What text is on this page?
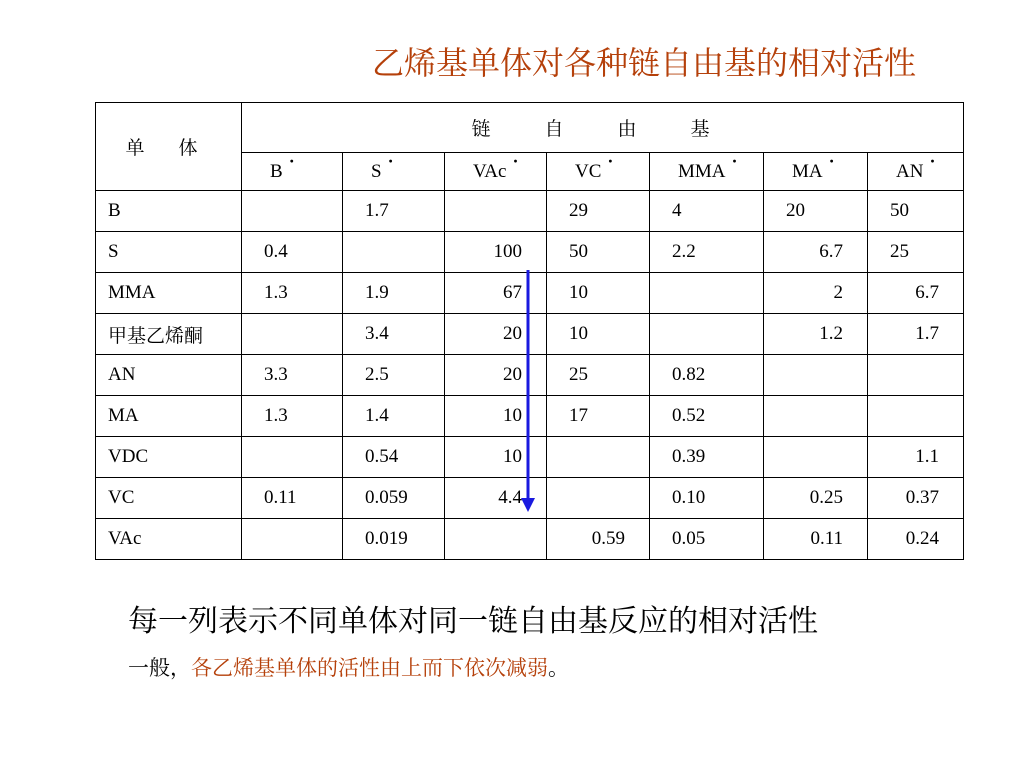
乙烯基单体对各种链自由基的相对活性
单 体	链 自 由 基						
	B ·	S ·	VAc ·	VC ·	MMA ·	MA ·	AN ·
B		1.7		29	4	20	50
S	0.4		100	50	2.2	6.7	25
MMA	1.3	1.9	67	10		2	6.7
甲基乙烯酮		3.4	20	10		1.2	1.7
AN	3.3	2.5	20	25	0.82		
MA	1.3	1.4	10	17	0.52		
VDC		0.54	10		0.39		1.1
VC	0.11	0.059	4.4		0.10	0.25	0.37
VAc		0.019		0.59	0.05	0.11	0.24
每一列表示不同单体对同一链自由基反应的相对活性
一般，各乙烯基单体的活性由上而下依次减弱。
